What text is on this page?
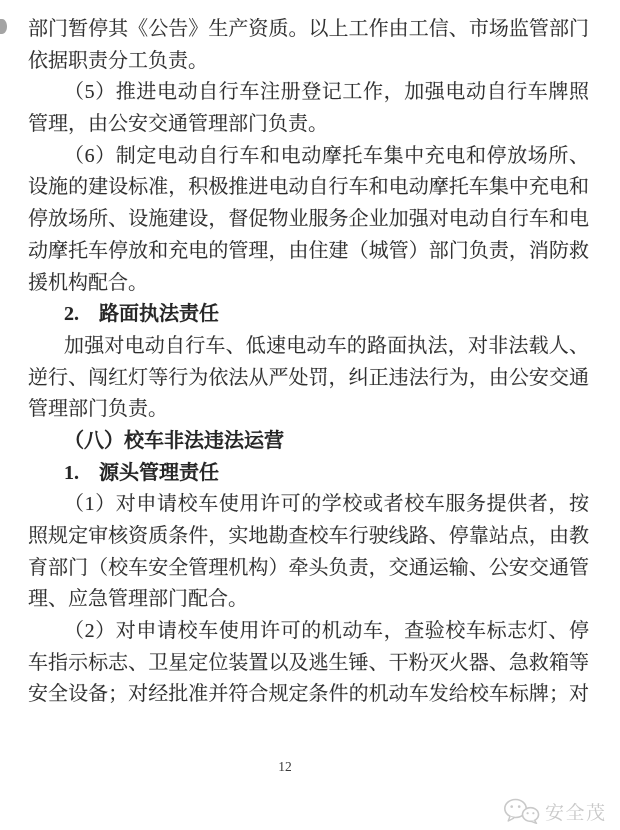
部门暂停其《公告》生产资质。以上工作由工信、市场监管部门
依据职责分工负责。
（5）推进电动自行车注册登记工作，加强电动自行车牌照
管理，由公安交通管理部门负责。
（6）制定电动自行车和电动摩托车集中充电和停放场所、
设施的建设标准，积极推进电动自行车和电动摩托车集中充电和
停放场所、设施建设，督促物业服务企业加强对电动自行车和电
动摩托车停放和充电的管理，由住建（城管）部门负责，消防救
援机构配合。
2.　路面执法责任
加强对电动自行车、低速电动车的路面执法，对非法载人、
逆行、闯红灯等行为依法从严处罚，纠正违法行为，由公安交通
管理部门负责。
（八）校车非法违法运营
1.　源头管理责任
（1）对申请校车使用许可的学校或者校车服务提供者，按
照规定审核资质条件，实地勘查校车行驶线路、停靠站点，由教
育部门（校车安全管理机构）牵头负责，交通运输、公安交通管
理、应急管理部门配合。
（2）对申请校车使用许可的机动车，查验校车标志灯、停
车指示标志、卫星定位装置以及逃生锤、干粉灭火器、急救箱等
安全设备；对经批准并符合规定条件的机动车发给校车标牌；对
12
安全茂
